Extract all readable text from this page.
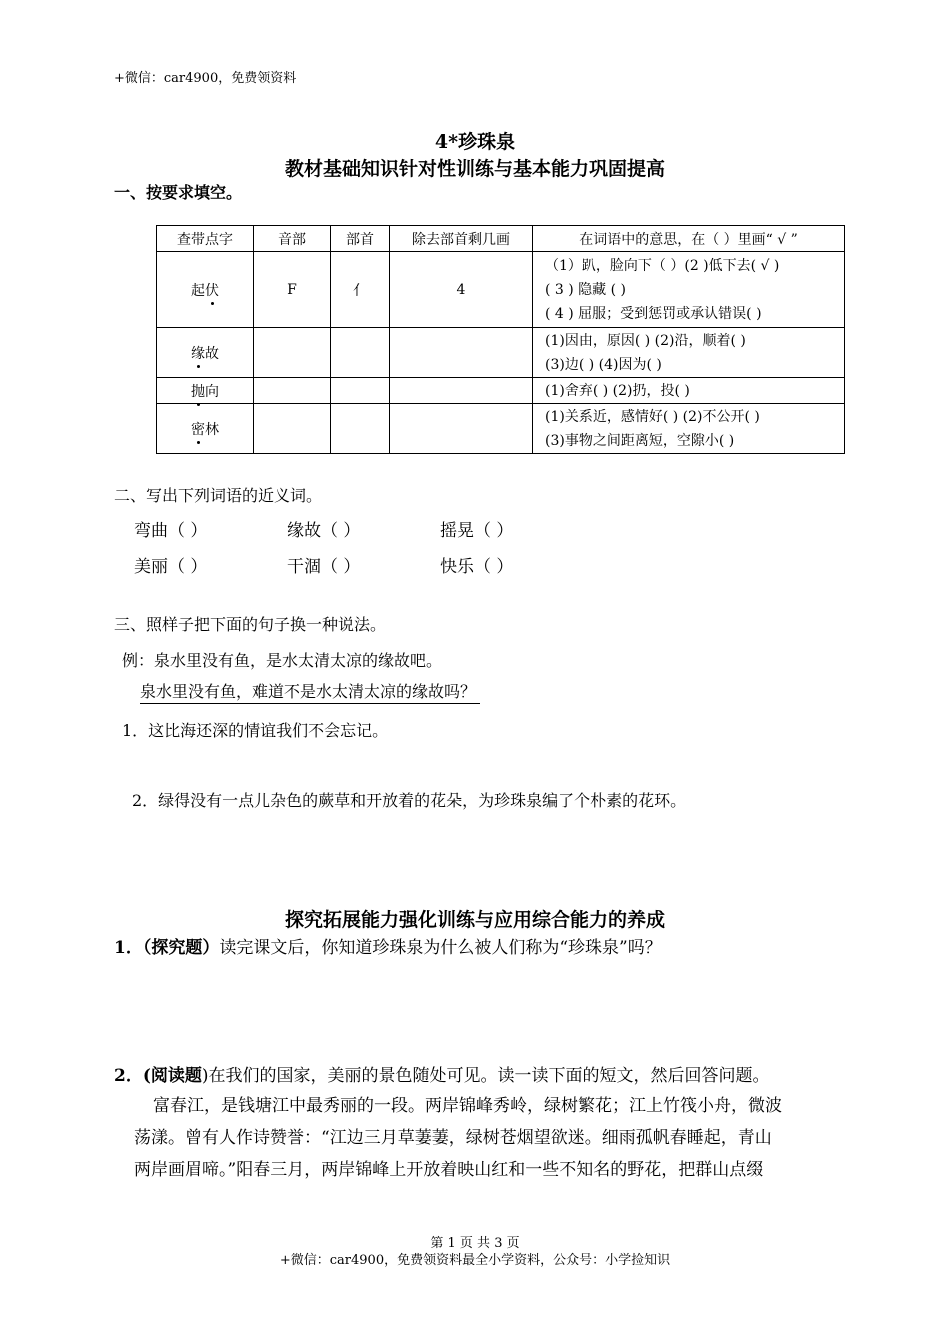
+微信：car4900，免费领资料
4*珍珠泉
教材基础知识针对性训练与基本能力巩固提高
一、按要求填空。
查带点字	音部	部首	除去部首剩几画	在词语中的意思，在（ ）里画“ √ ”
起伏	F	亻	4	（1）趴，脸向下（ ）(2 )低下去( √ )
( 3 ) 隐藏 ( )
( 4 ) 屈服；受到惩罚或承认错误( )

缘故				(1)因由，原因( ) (2)沿，顺着( )
(3)边( ) (4)因为( )

抛向				(1)舍弃( ) (2)扔，投( )

密林				(1)关系近，感情好( ) (2)不公开( )
(3)事物之间距离短，空隙小( )
二、写出下列词语的近义词。
弯曲（ ）	缘故（ ）	摇晃（ ）
美丽（ ）	干涸（ ）	快乐（ ）
三、照样子把下面的句子换一种说法。
例：泉水里没有鱼，是水太清太凉的缘故吧。
泉水里没有鱼，难道不是水太清太凉的缘故吗？
1．这比海还深的情谊我们不会忘记。
2．绿得没有一点儿杂色的蕨草和开放着的花朵，为珍珠泉编了个朴素的花环。
探究拓展能力强化训练与应用综合能力的养成
1．（探究题）读完课文后，你知道珍珠泉为什么被人们称为“珍珠泉”吗？
2．(阅读题)在我们的国家，美丽的景色随处可见。读一读下面的短文，然后回答问题。
富春江，是钱塘江中最秀丽的一段。两岸锦峰秀岭，绿树繁花；江上竹筏小舟，微波
荡漾。曾有人作诗赞誉：“江边三月草萋萋，绿树苍烟望欲迷。细雨孤帆春睡起，青山
两岸画眉啼。”阳春三月，两岸锦峰上开放着映山红和一些不知名的野花，把群山点缀
第 1 页 共 3 页
+微信：car4900，免费领资料最全小学资料，公众号：小学捡知识
